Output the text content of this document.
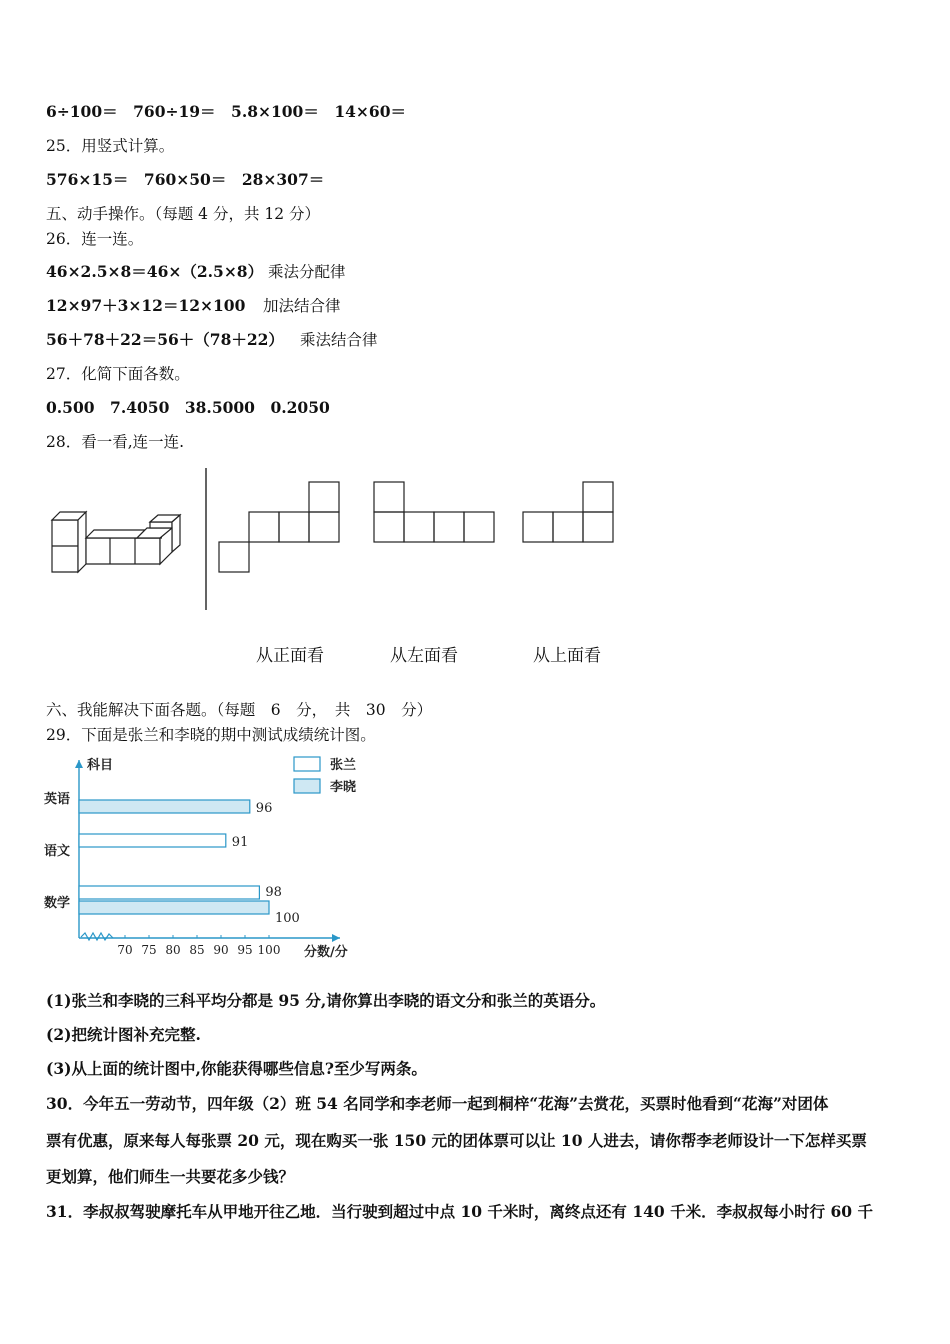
6÷100＝　760÷19＝　5.8×100＝　14×60＝
25．用竖式计算。
576×15＝　760×50＝　28×307＝
五、动手操作。（每题 4 分，共 12 分）
26．连一连。
46×2.5×8＝46×（2.5×8） 乘法分配律
12×97＋3×12＝12×100 加法结合律
56＋78＋22＝56＋（78＋22） 乘法结合律
27．化简下面各数。
0.500　7.4050　38.5000　0.2050
28．看一看,连一连.
从正面看	从左面看	从上面看
六、我能解决下面各题。（每题　6　分，　共　30　分）
29．下面是张兰和李晓的期中测试成绩统计图。
70 75 80 85 90 95 100
科目
分数/分
英语
语文
数学
96
91
98
100
张兰
李晓
(1)张兰和李晓的三科平均分都是 95 分,请你算出李晓的语文分和张兰的英语分。
(2)把统计图补充完整.
(3)从上面的统计图中,你能获得哪些信息?至少写两条。
30．今年五一劳动节，四年级（2）班 54 名同学和李老师一起到桐梓“花海”去赏花，买票时他看到“花海”对团体
票有优惠，原来每人每张票 20 元，现在购买一张 150 元的团体票可以让 10 人进去，请你帮李老师设计一下怎样买票
更划算，他们师生一共要花多少钱？
31．李叔叔驾驶摩托车从甲地开往乙地．当行驶到超过中点 10 千米时，离终点还有 140 千米．李叔叔每小时行 60 千
